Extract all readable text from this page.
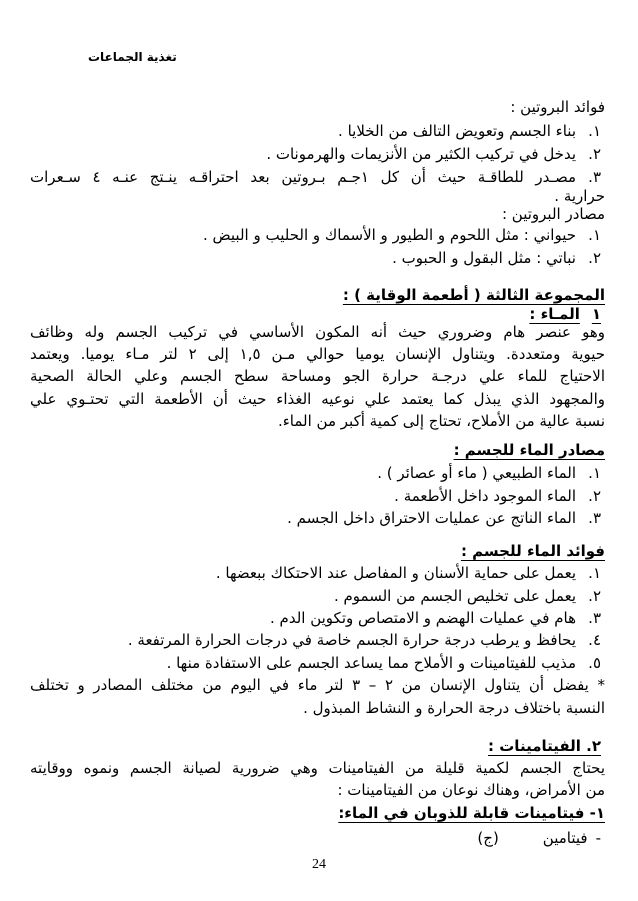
تغذية الجماعات
فوائد البروتين :
١.
بناء الجسم وتعويض التالف من الخلايا .
٢.
يدخل في تركيب الكثير من الأنزيمات والهرمونات .
٣.
مصـدر للطاقـة حيث أن كل ١جـم بـروتين بعد احتراقـه ينـتج عنـه ٤ سـعرات
حرارية .
مصادر البروتين :
١.
حيواني : مثل اللحوم و الطيور و الأسماك و الحليب و البيض .
٢.
نباتي : مثل البقول و الحبوب .
المجموعة الثالثة ( أطعمة الوقاية ) :
١المـاء :
وهو عنصر هام وضروري حيث أنه المكون الأساسي في تركيب الجسم وله وظائف
حيوية ومتعددة. ويتناول الإنسان يوميا حوالي مـن ١,٥ إلى ٢ لتر مـاء يوميا. ويعتمد
الاحتياج للماء علي درجـة حرارة الجو ومساحة سطح الجسم وعلي الحالة الصحية
والمجهود الذي يبذل كما يعتمد علي نوعيه الغذاء حيث أن الأطعمة التي تحتـوي علي
نسبة عالية من الأملاح، تحتاج إلى كمية أكبر من الماء.
مصادر الماء للجسم :
١.
الماء الطبيعي ( ماء أو عصائر ) .
٢.
الماء الموجود داخل الأطعمة .
٣.
الماء الناتج عن عمليات الاحتراق داخل الجسم .
فوائد الماء للجسم :
١.
يعمل على حماية الأسنان و المفاصل عند الاحتكاك ببعضها .
٢.
يعمل على تخليص الجسم من السموم .
٣.
هام في عمليات الهضم و الامتصاص وتكوين الدم .
٤.
يحافظ و يرطب درجة حرارة الجسم خاصة في درجات الحرارة المرتفعة .
٥.
مذيب للفيتامينات و الأملاح مما يساعد الجسم على الاستفادة منها .
* يفضل أن يتناول الإنسان من ٢ – ٣ لتر ماء في اليوم من مختلف المصادر و تختلف
النسبة باختلاف درجة الحرارة و النشاط المبذول .
٢. الفيتامينات :
يحتاج الجسم لكمية قليلة من الفيتامينات وهي ضرورية لصيانة الجسم ونموه ووقايته
من الأمراض، وهناك نوعان من الفيتامينات :
١- فيتامينات قابلة للذوبان في الماء:
-فيتامين(ج)
24
